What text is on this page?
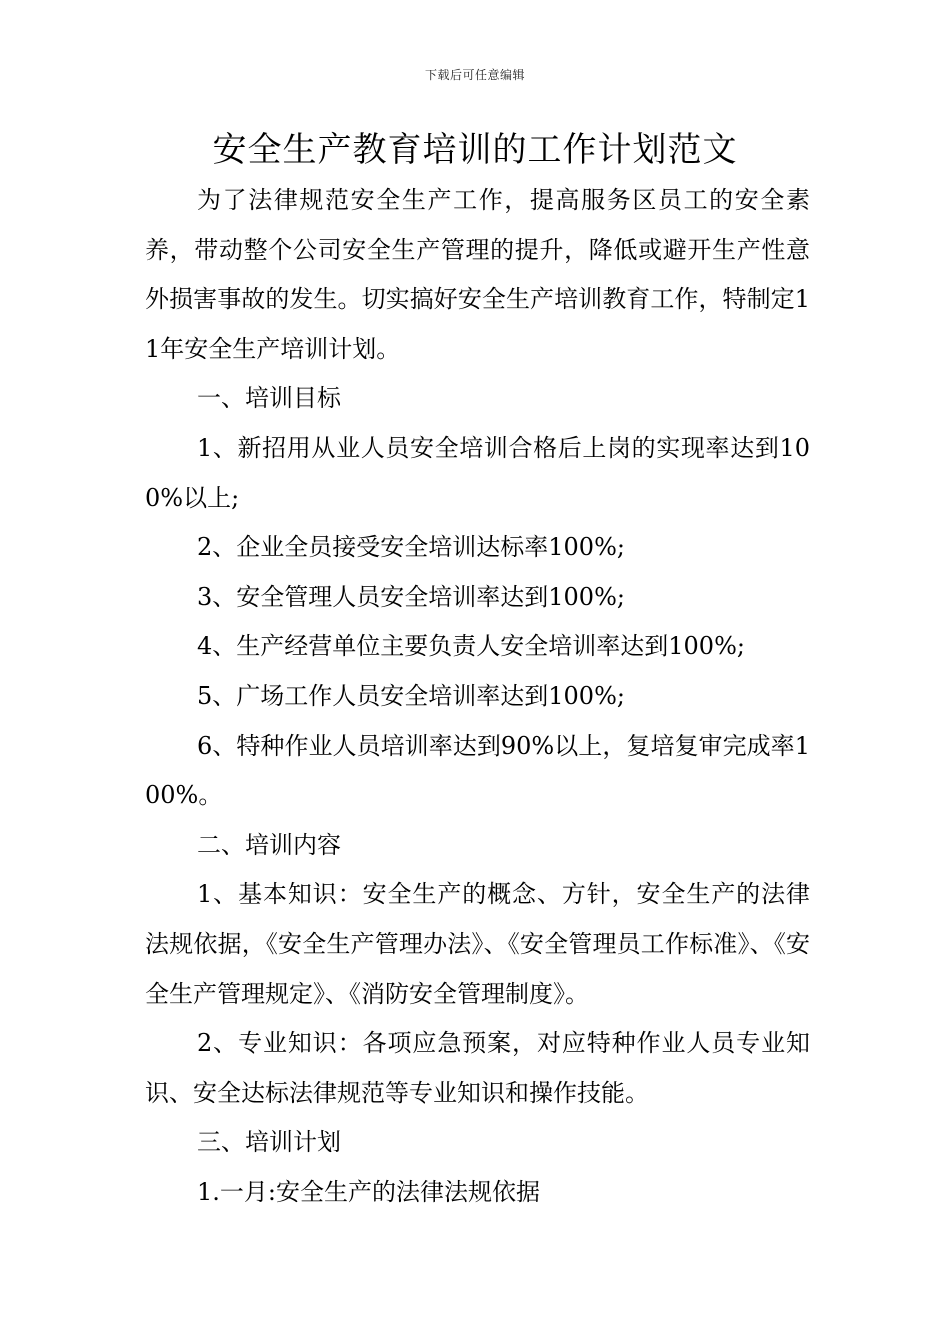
下载后可任意编辑
安全生产教育培训的工作计划范文

为了法律规范安全生产工作，提高服务区员工的安全素养，带动整个公司安全生产管理的提升，降低或避开生产性意外损害事故的发生。切实搞好安全生产培训教育工作，特制定11年安全生产培训计划。

一、培训目标

1、新招用从业人员安全培训合格后上岗的实现率达到100%以上;

2、企业全员接受安全培训达标率100%;

3、安全管理人员安全培训率达到100%;

4、生产经营单位主要负责人安全培训率达到100%;

5、广场工作人员安全培训率达到100%;

6、特种作业人员培训率达到90%以上，复培复审完成率100%。

二、培训内容

1、基本知识：安全生产的概念、方针，安全生产的法律法规依据，《安全生产管理办法》、《安全管理员工作标准》、《安全生产管理规定》、《消防安全管理制度》。

2、专业知识：各项应急预案，对应特种作业人员专业知识、安全达标法律规范等专业知识和操作技能。

三、培训计划

1.一月:安全生产的法律法规依据
